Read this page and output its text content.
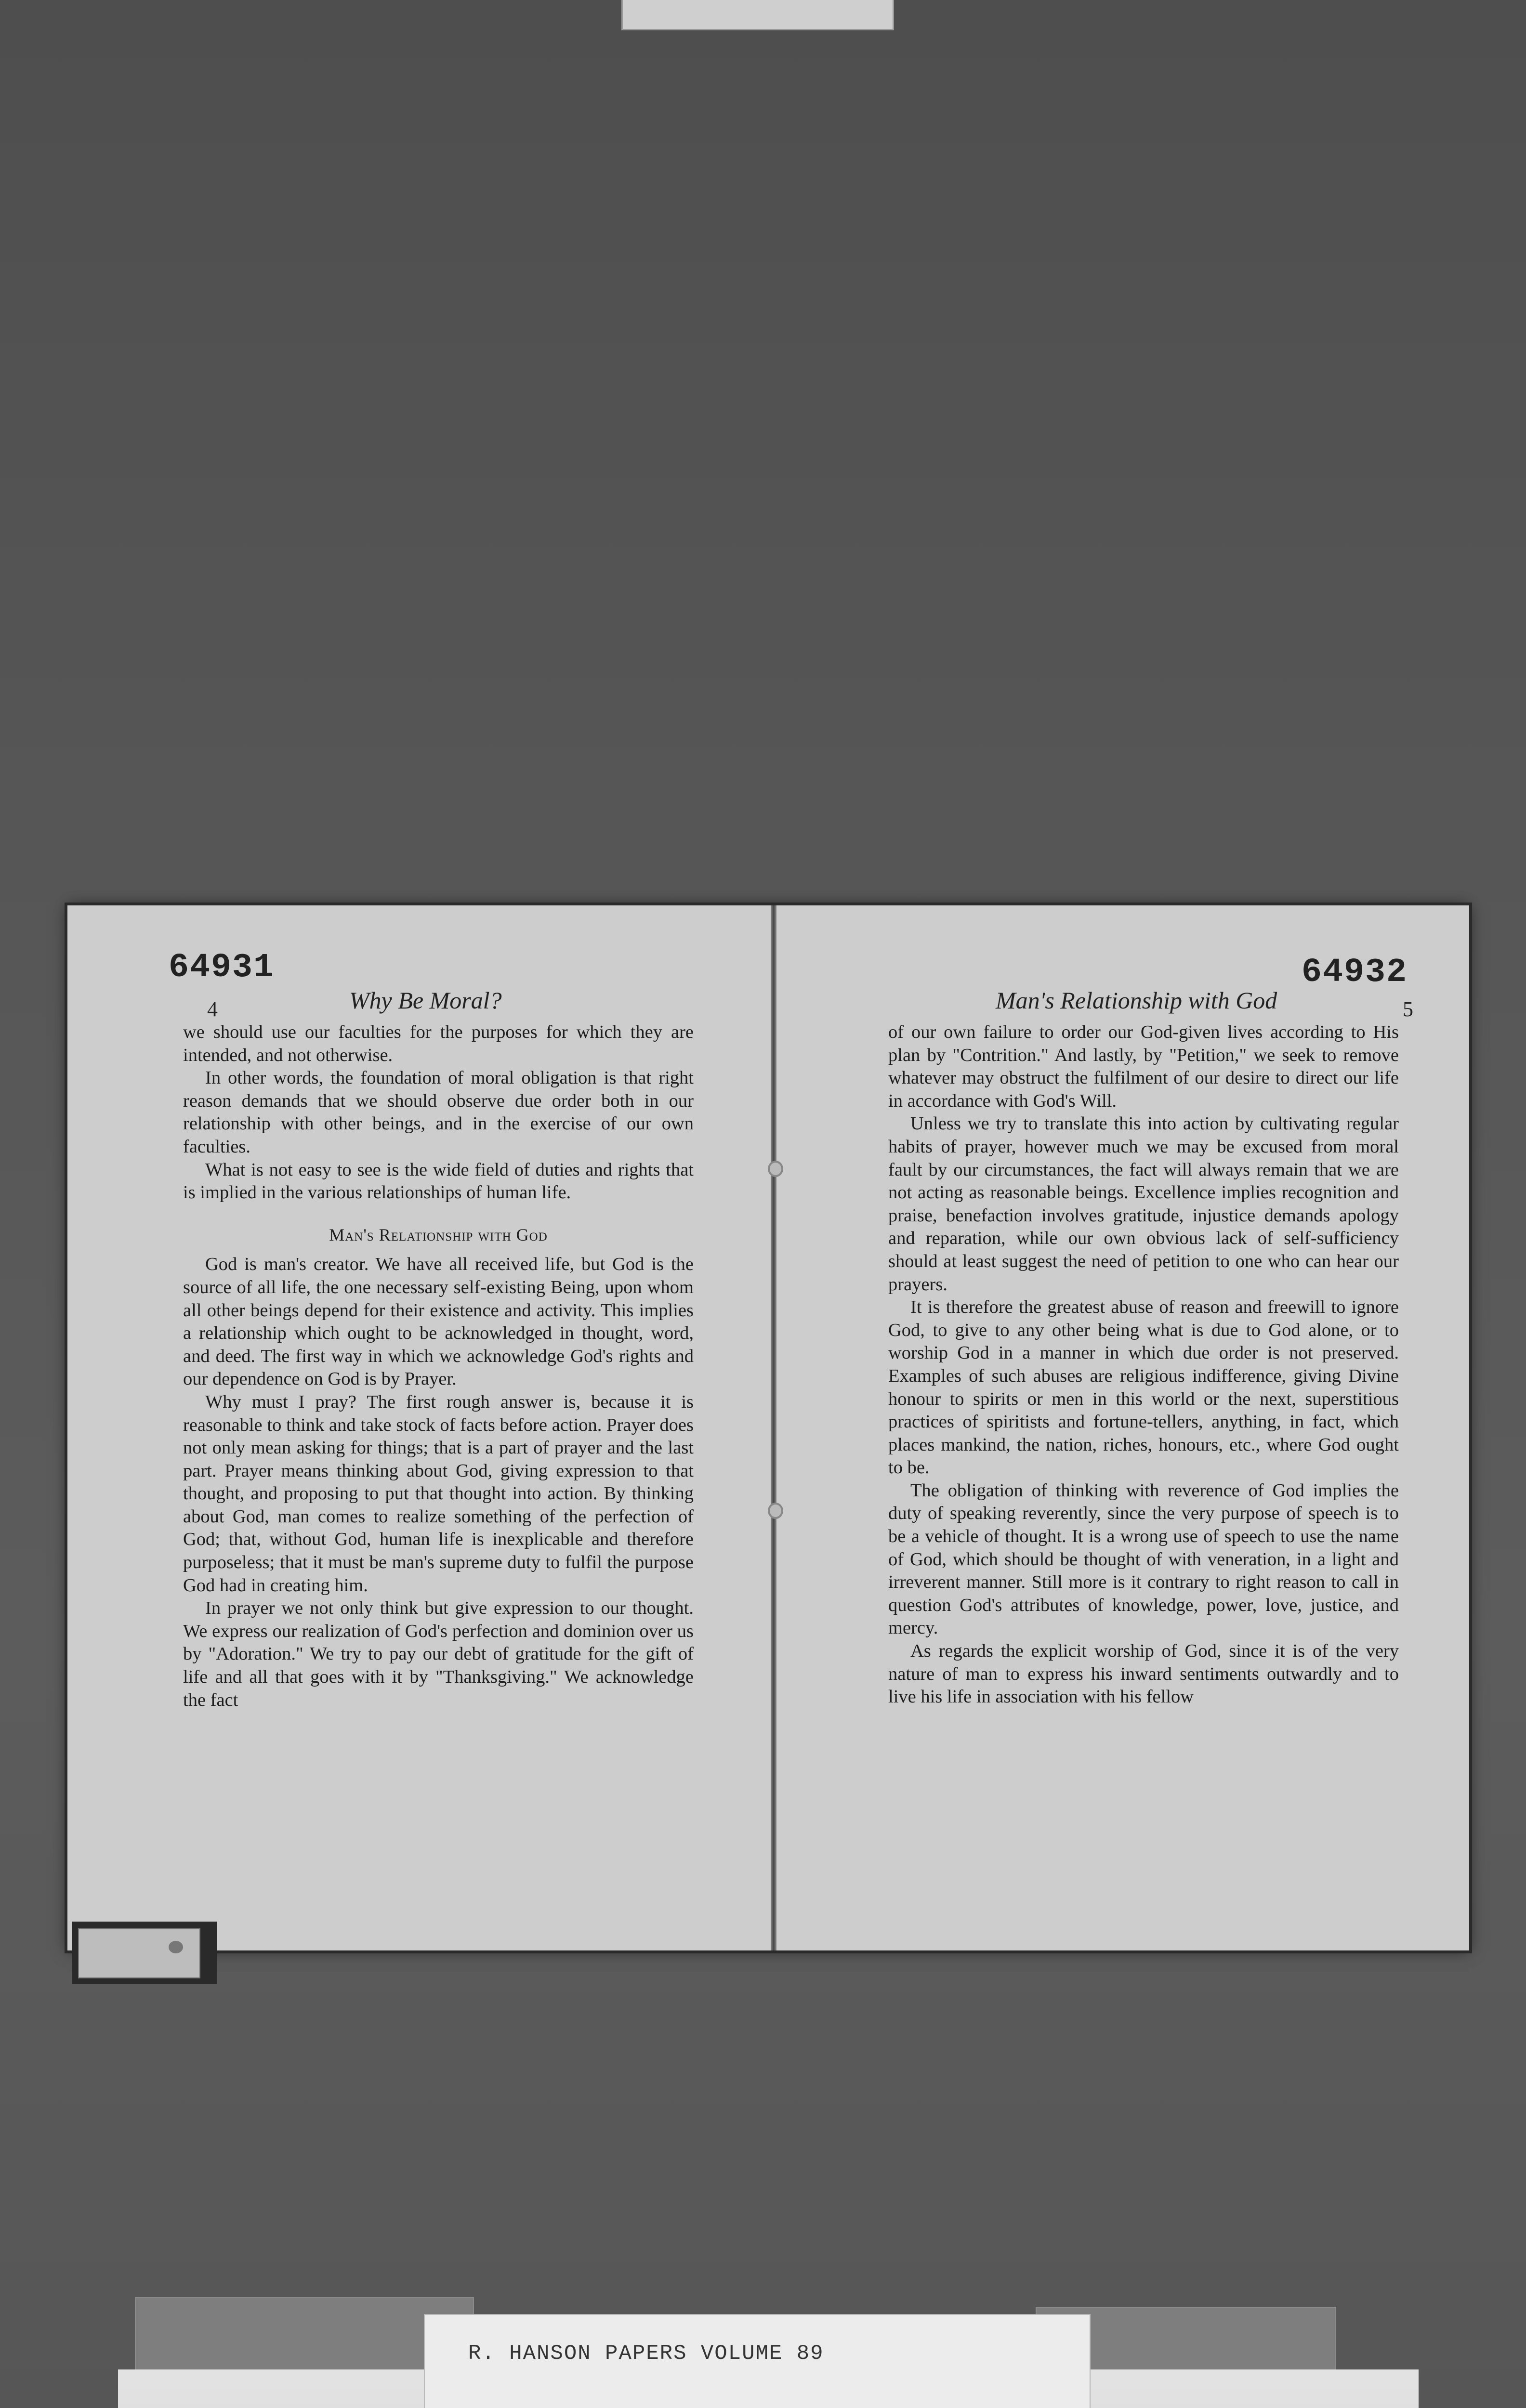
64931
4	Why Be Moral?

we should use our faculties for the purposes for which they are intended, and not otherwise.

In other words, the foundation of moral obligation is that right reason demands that we should observe due order both in our relationship with other beings, and in the exercise of our own faculties.

What is not easy to see is the wide field of duties and rights that is implied in the various relationships of human life.

Man's Relationship with God

God is man's creator. We have all received life, but God is the source of all life, the one necessary self-existing Being, upon whom all other beings depend for their existence and activity. This implies a relationship which ought to be acknowledged in thought, word, and deed. The first way in which we acknowledge God's rights and our dependence on God is by Prayer.

Why must I pray? The first rough answer is, because it is reasonable to think and take stock of facts before action. Prayer does not only mean asking for things; that is a part of prayer and the last part. Prayer means thinking about God, giving expression to that thought, and proposing to put that thought into action. By thinking about God, man comes to realize something of the perfection of God; that, without God, human life is inexplicable and therefore purposeless; that it must be man's supreme duty to fulfil the purpose God had in creating him.

In prayer we not only think but give expression to our thought. We express our realization of God's perfection and dominion over us by "Adoration." We try to pay our debt of gratitude for the gift of life and all that goes with it by "Thanksgiving." We acknowledge the fact

64932
5
Man's Relationship with God

of our own failure to order our God-given lives according to His plan by "Contrition." And lastly, by "Petition," we seek to remove whatever may obstruct the fulfilment of our desire to direct our life in accordance with God's Will.

Unless we try to translate this into action by cultivating regular habits of prayer, however much we may be excused from moral fault by our circumstances, the fact will always remain that we are not acting as reasonable beings. Excellence implies recognition and praise, benefaction involves gratitude, injustice demands apology and reparation, while our own obvious lack of self-sufficiency should at least suggest the need of petition to one who can hear our prayers.

It is therefore the greatest abuse of reason and freewill to ignore God, to give to any other being what is due to God alone, or to worship God in a manner in which due order is not preserved. Examples of such abuses are religious indifference, giving Divine honour to spirits or men in this world or the next, superstitious practices of spiritists and fortune-tellers, anything, in fact, which places mankind, the nation, riches, honours, etc., where God ought to be.

The obligation of thinking with reverence of God implies the duty of speaking reverently, since the very purpose of speech is to be a vehicle of thought. It is a wrong use of speech to use the name of God, which should be thought of with veneration, in a light and irreverent manner. Still more is it contrary to right reason to call in question God's attributes of knowledge, power, love, justice, and mercy.

As regards the explicit worship of God, since it is of the very nature of man to express his inward sentiments outwardly and to live his life in association with his fellow

R. HANSON PAPERS VOLUME 89
